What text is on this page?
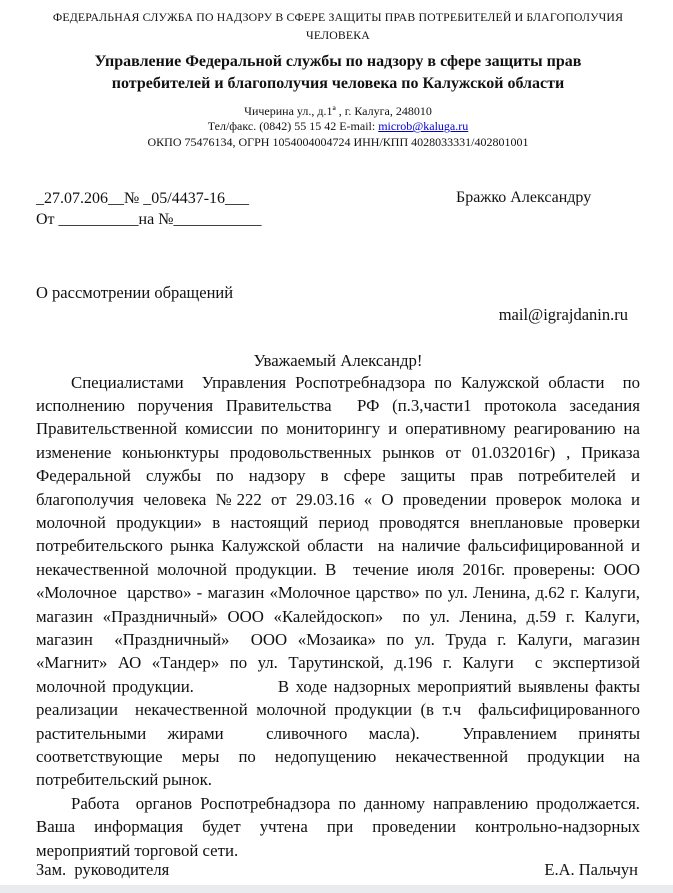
ФЕДЕРАЛЬНАЯ СЛУЖБА ПО НАДЗОРУ В СФЕРЕ ЗАЩИТЫ ПРАВ ПОТРЕБИТЕЛЕЙ И БЛАГОПОЛУЧИЯ ЧЕЛОВЕКА
Управление Федеральной службы по надзору в сфере защиты прав потребителей и благополучия человека по Калужской области
Чичерина ул., д.1ª , г. Калуга, 248010
Тел/факс. (0842) 55 15 42 E-mail: microb@kaluga.ru
ОКПО 75476134, ОГРН 1054004004724 ИНН/КПП 4028033331/402801001
_27.07.206__№ _05/4437-16___
От __________на №___________
Бражко Александру
О рассмотрении обращений
mail@igrajdanin.ru
Уважаемый Александр!

Специалистами  Управления Роспотребнадзора по Калужской области  по исполнению поручения Правительства  РФ (п.3,части1 протокола заседания Правительственной комиссии по мониторингу и оперативному реагированию на изменение коньюнктуры продовольственных рынков от 01.032016г) , Приказа Федеральной службы по надзору в сфере защиты прав потребителей и благополучия человека №222 от 29.03.16 « О проведении проверок молока и молочной продукции» в настоящий период проводятся внеплановые проверки потребительского рынка Калужской области  на наличие фальсифицированной и некачественной молочной продукции. В  течение июля 2016г. проверены: ООО «Молочное  царство» - магазин «Молочное царство» по ул. Ленина, д.62 г. Калуги, магазин «Праздничный» ООО «Калейдоскоп»  по ул. Ленина, д.59 г. Калуги, магазин  «Праздничный»  ООО «Мозаика» по ул. Труда г. Калуги, магазин «Магнит» АО «Тандер» по ул. Тарутинской, д.196 г. Калуги  с экспертизой молочной продукции.             В ходе надзорных мероприятий выявлены факты реализации  некачественной молочной продукции (в т.ч  фальсифицированного растительными жирами  сливочного масла).  Управлением приняты соответствующие меры по недопущению некачественной продукции на потребительский рынок.

Работа  органов Роспотребнадзора по данному направлению продолжается. Ваша информация будет учтена при проведении контрольно-надзорных мероприятий торговой сети.

Зам.  руководителя	Е.А. Пальчун
